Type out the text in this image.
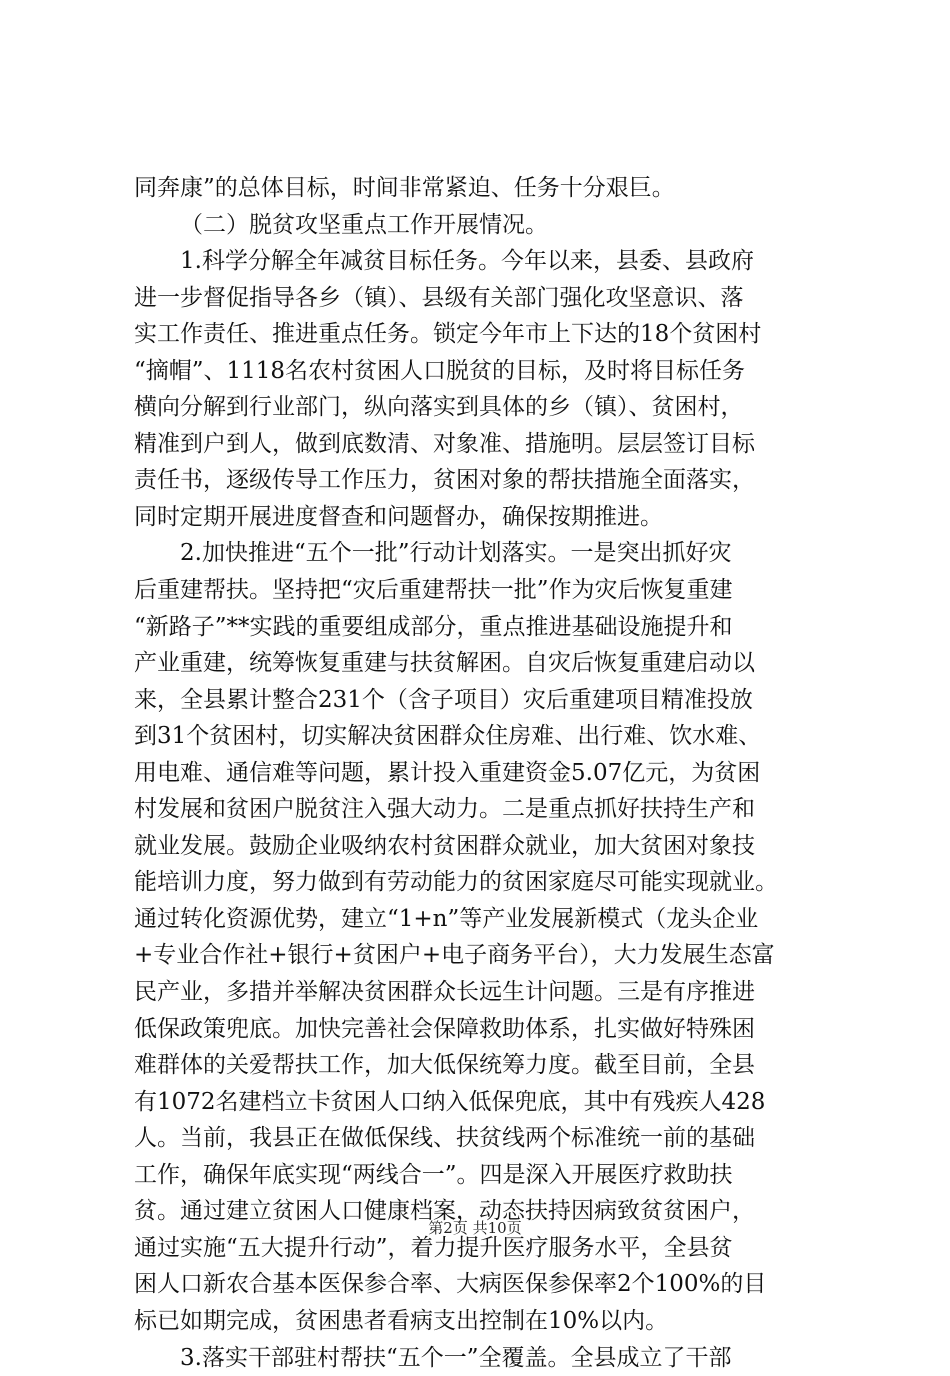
同奔康”的总体目标，时间非常紧迫、任务十分艰巨。
（二）脱贫攻坚重点工作开展情况。
1.科学分解全年减贫目标任务。今年以来，县委、县政府
进一步督促指导各乡（镇）、县级有关部门强化攻坚意识、落
实工作责任、推进重点任务。锁定今年市上下达的18个贫困村
“摘帽”、1118名农村贫困人口脱贫的目标，及时将目标任务
横向分解到行业部门，纵向落实到具体的乡（镇）、贫困村，
精准到户到人，做到底数清、对象准、措施明。层层签订目标
责任书，逐级传导工作压力，贫困对象的帮扶措施全面落实，
同时定期开展进度督查和问题督办，确保按期推进。
2.加快推进“五个一批”行动计划落实。一是突出抓好灾
后重建帮扶。坚持把“灾后重建帮扶一批”作为灾后恢复重建
“新路子”**实践的重要组成部分，重点推进基础设施提升和
产业重建，统筹恢复重建与扶贫解困。自灾后恢复重建启动以
来，全县累计整合231个（含子项目）灾后重建项目精准投放
到31个贫困村，切实解决贫困群众住房难、出行难、饮水难、
用电难、通信难等问题，累计投入重建资金5.07亿元，为贫困
村发展和贫困户脱贫注入强大动力。二是重点抓好扶持生产和
就业发展。鼓励企业吸纳农村贫困群众就业，加大贫困对象技
能培训力度，努力做到有劳动能力的贫困家庭尽可能实现就业。
通过转化资源优势，建立“1+n”等产业发展新模式（龙头企业
+专业合作社+银行+贫困户+电子商务平台），大力发展生态富
民产业，多措并举解决贫困群众长远生计问题。三是有序推进
低保政策兜底。加快完善社会保障救助体系，扎实做好特殊困
难群体的关爱帮扶工作，加大低保统筹力度。截至目前，全县
有1072名建档立卡贫困人口纳入低保兜底，其中有残疾人428
人。当前，我县正在做低保线、扶贫线两个标准统一前的基础
工作，确保年底实现“两线合一”。四是深入开展医疗救助扶
贫。通过建立贫困人口健康档案，动态扶持因病致贫贫困户，
通过实施“五大提升行动”，着力提升医疗服务水平，全县贫
困人口新农合基本医保参合率、大病医保参保率2个100%的目
标已如期完成，贫困患者看病支出控制在10%以内。
3.落实干部驻村帮扶“五个一”全覆盖。全县成立了干部
第2页 共10页
